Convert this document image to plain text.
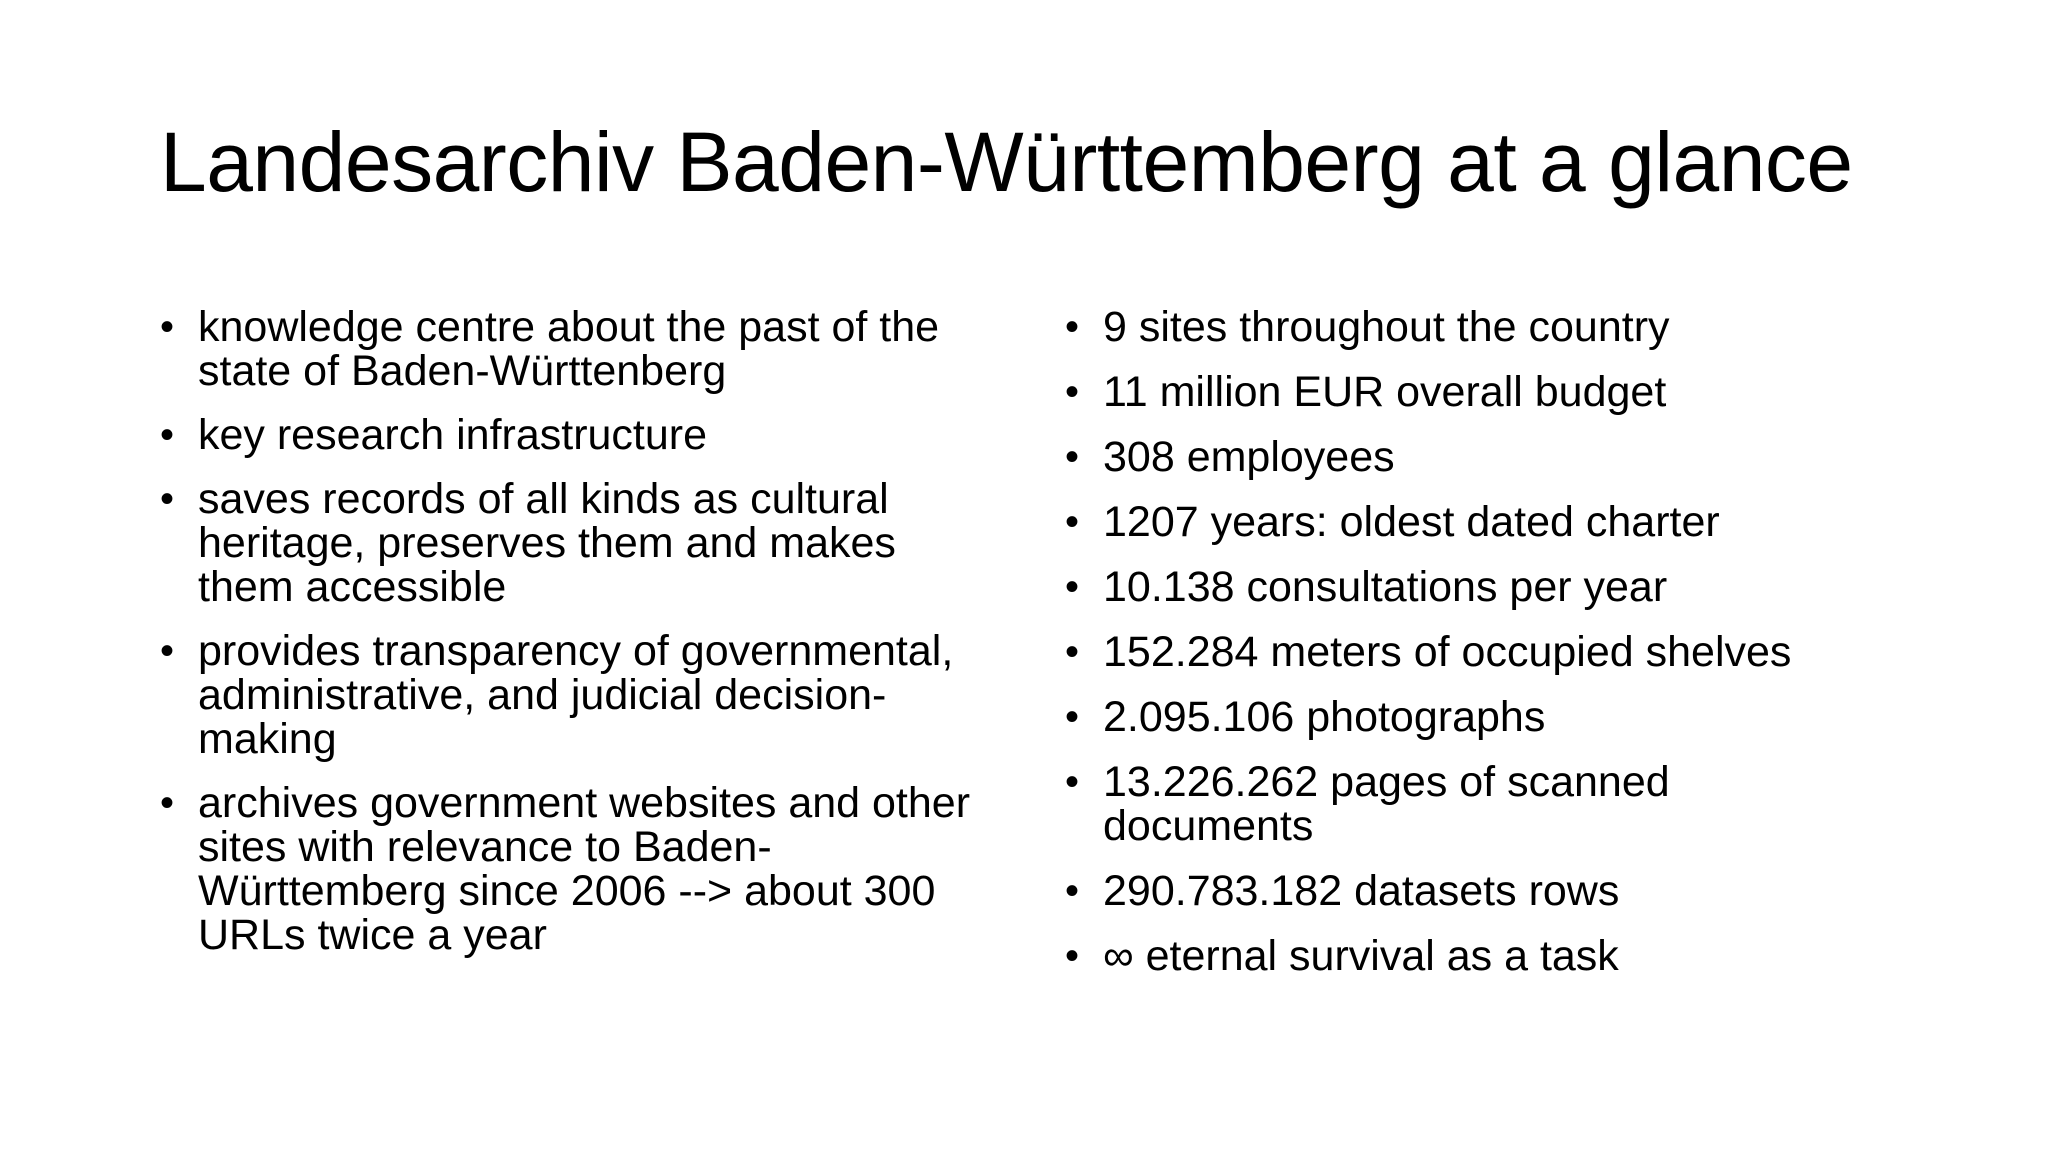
Landesarchiv Baden-Württemberg at a glance
• knowledge centre about the past of the state of Baden-Württenberg
• key research infrastructure
• saves records of all kinds as cultural heritage, preserves them and makes them accessible
• provides transparency of governmental, administrative, and judicial decision-making
• archives government websites and other sites with relevance to Baden-Württemberg since 2006 --> about 300 URLs twice a year
• 9 sites throughout the country
• 11 million EUR overall budget
• 308 employees
• 1207 years: oldest dated charter
• 10.138 consultations per year
• 152.284 meters of occupied shelves
• 2.095.106 photographs
• 13.226.262 pages of scanned documents
• 290.783.182 datasets rows
• ∞ eternal survival as a task
